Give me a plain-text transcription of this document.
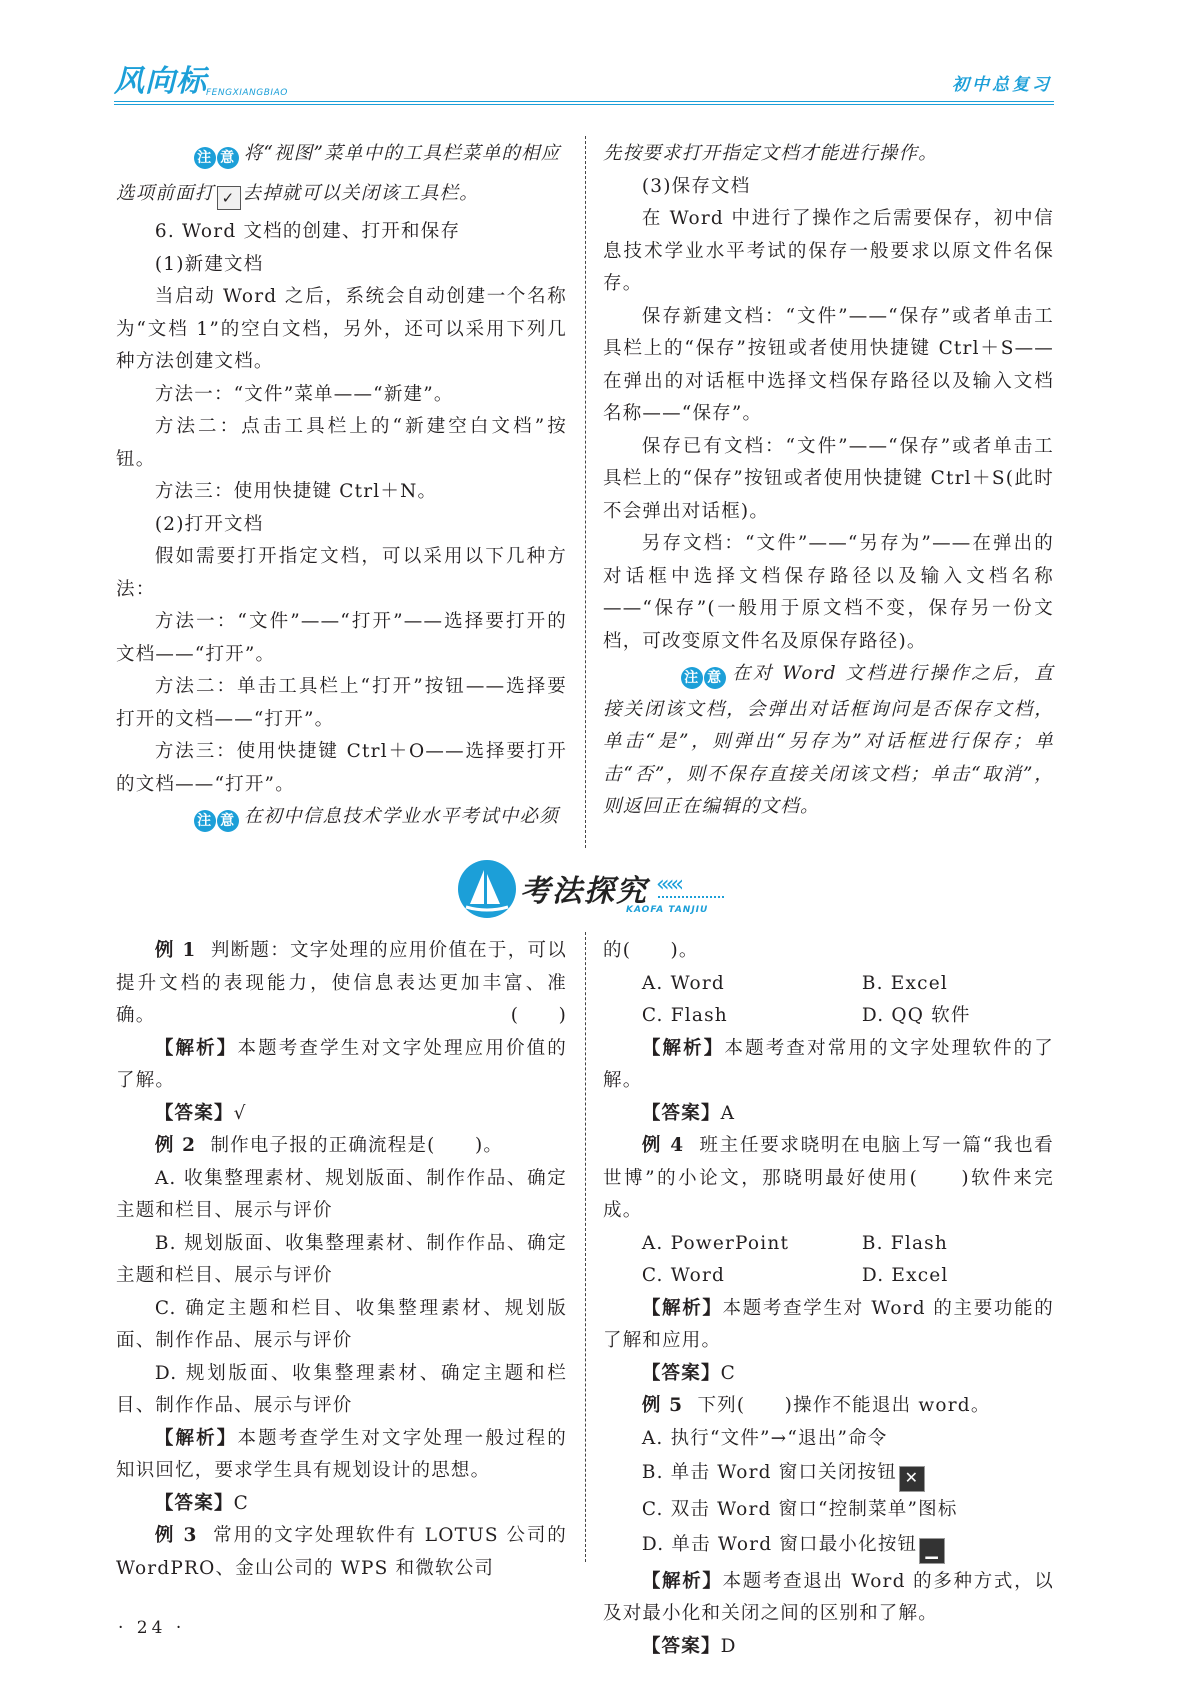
风向标 FENGXIANGBIAO	初中总复习

注 意 将“视图”菜单中的工具栏菜单的相应

选项前面打 ✓ 去掉就可以关闭该工具栏。

6. Word 文档的创建、打开和保存

(1)新建文档

当启动 Word 之后，系统会自动创建一个名称为“文档 1”的空白文档，另外，还可以采用下列几种方法创建文档。

方法一：“文件”菜单——“新建”。

方法二：点击工具栏上的“新建空白文档”按钮。

方法三：使用快捷键 Ctrl＋N。

(2)打开文档

假如需要打开指定文档，可以采用以下几种方法：

方法一：“文件”——“打开”——选择要打开的文档——“打开”。

方法二：单击工具栏上“打开”按钮——选择要打开的文档——“打开”。

方法三：使用快捷键 Ctrl＋O——选择要打开的文档——“打开”。

注 意 在初中信息技术学业水平考试中必须

先按要求打开指定文档才能进行操作。

(3)保存文档

在 Word 中进行了操作之后需要保存，初中信息技术学业水平考试的保存一般要求以原文件名保存。

保存新建文档：“文件”——“保存”或者单击工具栏上的“保存”按钮或者使用快捷键 Ctrl＋S——在弹出的对话框中选择文档保存路径以及输入文档名称——“保存”。

保存已有文档：“文件”——“保存”或者单击工具栏上的“保存”按钮或者使用快捷键 Ctrl＋S(此时不会弹出对话框)。

另存文档：“文件”——“另存为”——在弹出的对话框中选择文档保存路径以及输入文档名称——“保存”(一般用于原文档不变，保存另一份文档，可改变原文件名及原保存路径)。

注 意 在对 Word 文档进行操作之后，直接关闭该文档，会弹出对话框询问是否保存文档，单击“是”，则弹出“另存为”对话框进行保存；单击“否”，则不保存直接关闭该文档；单击“取消”，则返回正在编辑的文档。

考法探究 ‹‹‹‹‹
KAOFA TANJIU

例 1 判断题：文字处理的应用价值在于，可以提升文档的表现能力，使信息表达更加丰富、准确。	(　　)

【解析】本题考查学生对文字处理应用价值的了解。

【答案】√

例 2 制作电子报的正确流程是(　　)。

A. 收集整理素材、规划版面、制作作品、确定主题和栏目、展示与评价

B. 规划版面、收集整理素材、制作作品、确定主题和栏目、展示与评价

C. 确定主题和栏目、收集整理素材、规划版面、制作作品、展示与评价

D. 规划版面、收集整理素材、确定主题和栏目、制作作品、展示与评价

【解析】本题考查学生对文字处理一般过程的知识回忆，要求学生具有规划设计的思想。

【答案】C

例 3 常用的文字处理软件有 LOTUS 公司的 WordPRO、金山公司的 WPS 和微软公司

的(　　)。

A. Word	B. Excel
C. Flash	D. QQ 软件

【解析】本题考查对常用的文字处理软件的了解。

【答案】A

例 4 班主任要求晓明在电脑上写一篇“我也看世博”的小论文，那晓明最好使用(　　)软件来完成。

A. PowerPoint	B. Flash
C. Word	D. Excel

【解析】本题考查学生对 Word 的主要功能的了解和应用。

【答案】C

例 5 下列(　　)操作不能退出 word。

A. 执行“文件”→“退出”命令

B. 单击 Word 窗口关闭按钮 ✕

C. 双击 Word 窗口“控制菜单”图标

D. 单击 Word 窗口最小化按钮 ▁

【解析】本题考查退出 Word 的多种方式，以及对最小化和关闭之间的区别和了解。

【答案】D

· 24 ·
